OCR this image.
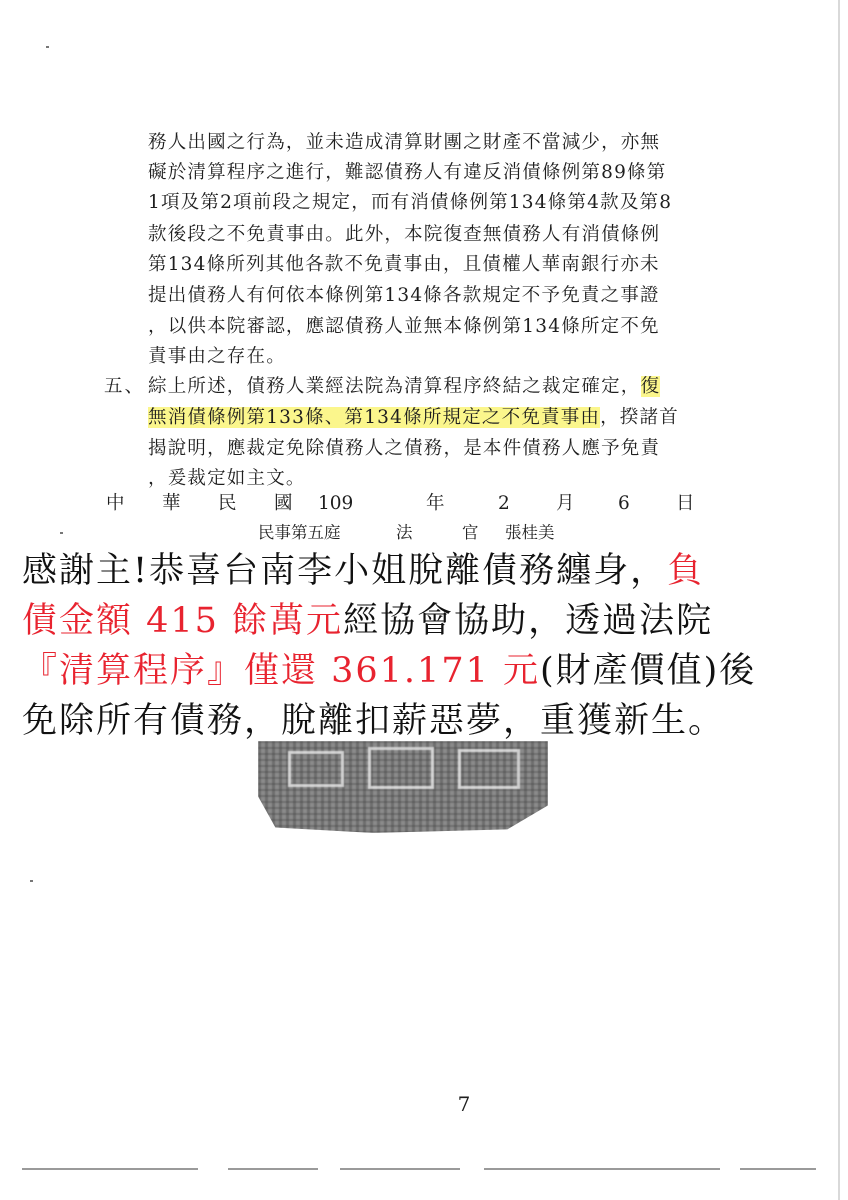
務人出國之行為，並未造成清算財團之財產不當減少，亦無
礙於清算程序之進行，難認債務人有違反消債條例第89條第
1項及第2項前段之規定，而有消債條例第134條第4款及第8
款後段之不免責事由。此外，本院復查無債務人有消債條例
第134條所列其他各款不免責事由，且債權人華南銀行亦未
提出債務人有何依本條例第134條各款規定不予免責之事證
，以供本院審認，應認債務人並無本條例第134條所定不免
責事由之存在。
五、 綜上所述，債務人業經法院為清算程序終結之裁定確定，復
無消債條例第133條、第134條所規定之不免責事由，揆諸首
揭說明，應裁定免除債務人之債務，是本件債務人應予免責
，爰裁定如主文。
中 華 民 國 109	年	2 月 6 日
民事第五庭	法	官 張桂美
感謝主!恭喜台南李小姐脫離債務纏身，負
債金額 415 餘萬元經協會協助，透過法院
『清算程序』僅還 361.171 元(財產價值)後
免除所有債務，脫離扣薪惡夢，重獲新生。
7
